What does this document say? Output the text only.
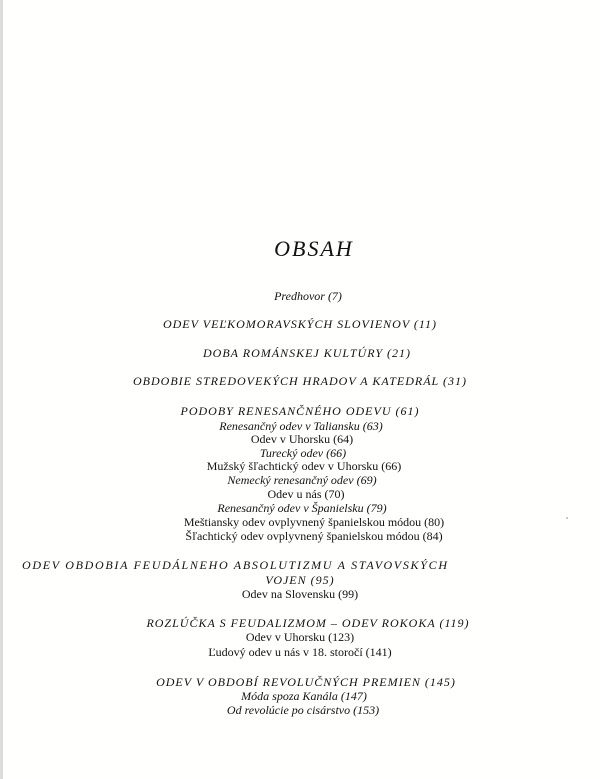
OBSAH
Predhovor (7)
ODEV VEĽKOMORAVSKÝCH SLOVIENOV (11)
DOBA ROMÁNSKEJ KULTÚRY (21)
OBDOBIE STREDOVEKÝCH HRADOV A KATEDRÁL (31)
PODOBY RENESANČNÉHO ODEVU (61)
Renesančný odev v Taliansku (63)
Odev v Uhorsku (64)
Turecký odev (66)
Mužský šľachtický odev v Uhorsku (66)
Nemecký renesančný odev (69)
Odev u nás (70)
Renesančný odev v Španielsku (79)
Meštiansky odev ovplyvnený španielskou módou (80)
Šľachtický odev ovplyvnený španielskou módou (84)
ODEV OBDOBIA FEUDÁLNEHO ABSOLUTIZMU A STAVOVSKÝCH
VOJEN (95)
Odev na Slovensku (99)
ROZLÚČKA S FEUDALIZMOM – ODEV ROKOKA (119)
Odev v Uhorsku (123)
Ľudový odev u nás v 18. storočí (141)
ODEV V OBDOBÍ REVOLUČNÝCH PREMIEN (145)
Móda spoza Kanála (147)
Od revolúcie po cisárstvo (153)
